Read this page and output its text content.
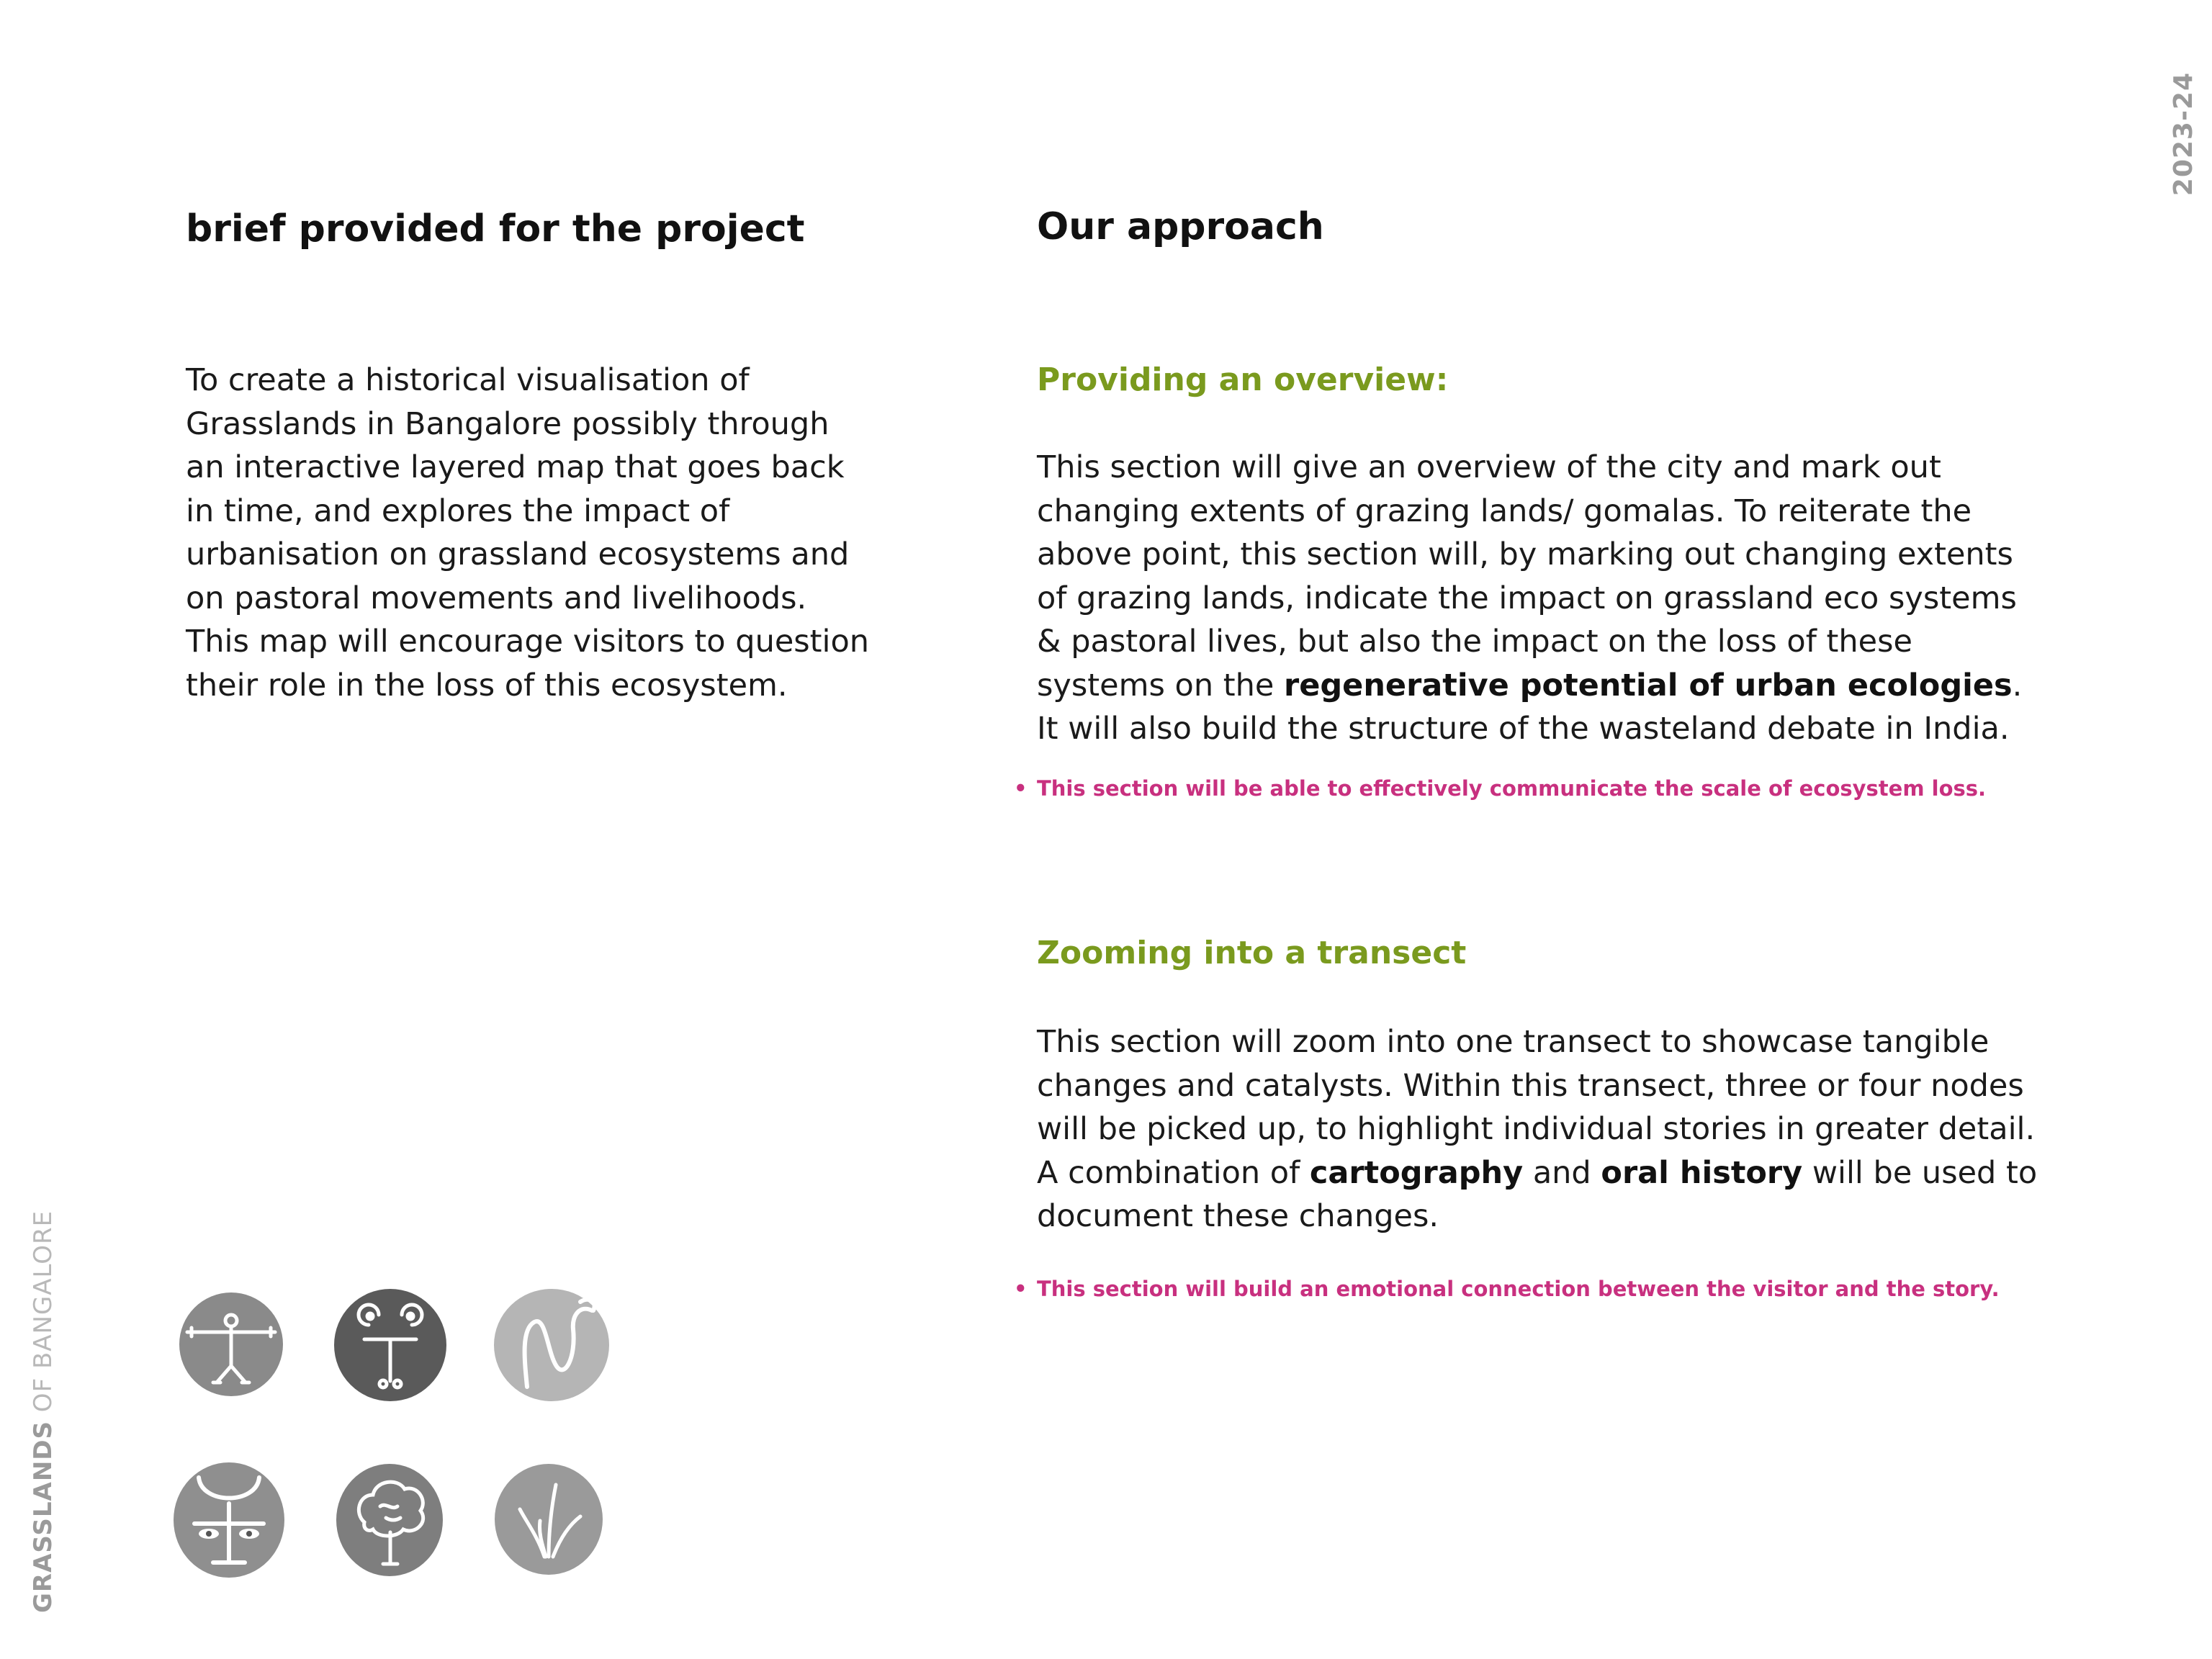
2023-24
GRASSLANDS OF BANGALORE
brief provided for the project

To create a historical visualisation of Grasslands in Bangalore possibly through an interactive layered map that goes back in time, and explores the impact of urbanisation on grassland ecosystems and on pastoral movements and livelihoods. This map will encourage visitors to question their role in the loss of this ecosystem.

Our approach

Providing an overview:

This section will give an overview of the city and mark out changing extents of grazing lands/ gomalas. To reiterate the above point, this section will, by marking out changing extents of grazing lands, indicate the impact on grassland eco systems & pastoral lives, but also the impact on the loss of these systems on the regenerative potential of urban ecologies. It will also build the structure of the wasteland debate in India.

• This section will be able to effectively communicate the scale of ecosystem loss.

Zooming into a transect

This section will zoom into one transect to showcase tangible changes and catalysts. Within this transect, three or four nodes will be picked up, to highlight individual stories in greater detail. A combination of cartography and oral history will be used to document these changes.

• This section will build an emotional connection between the visitor and the story.
